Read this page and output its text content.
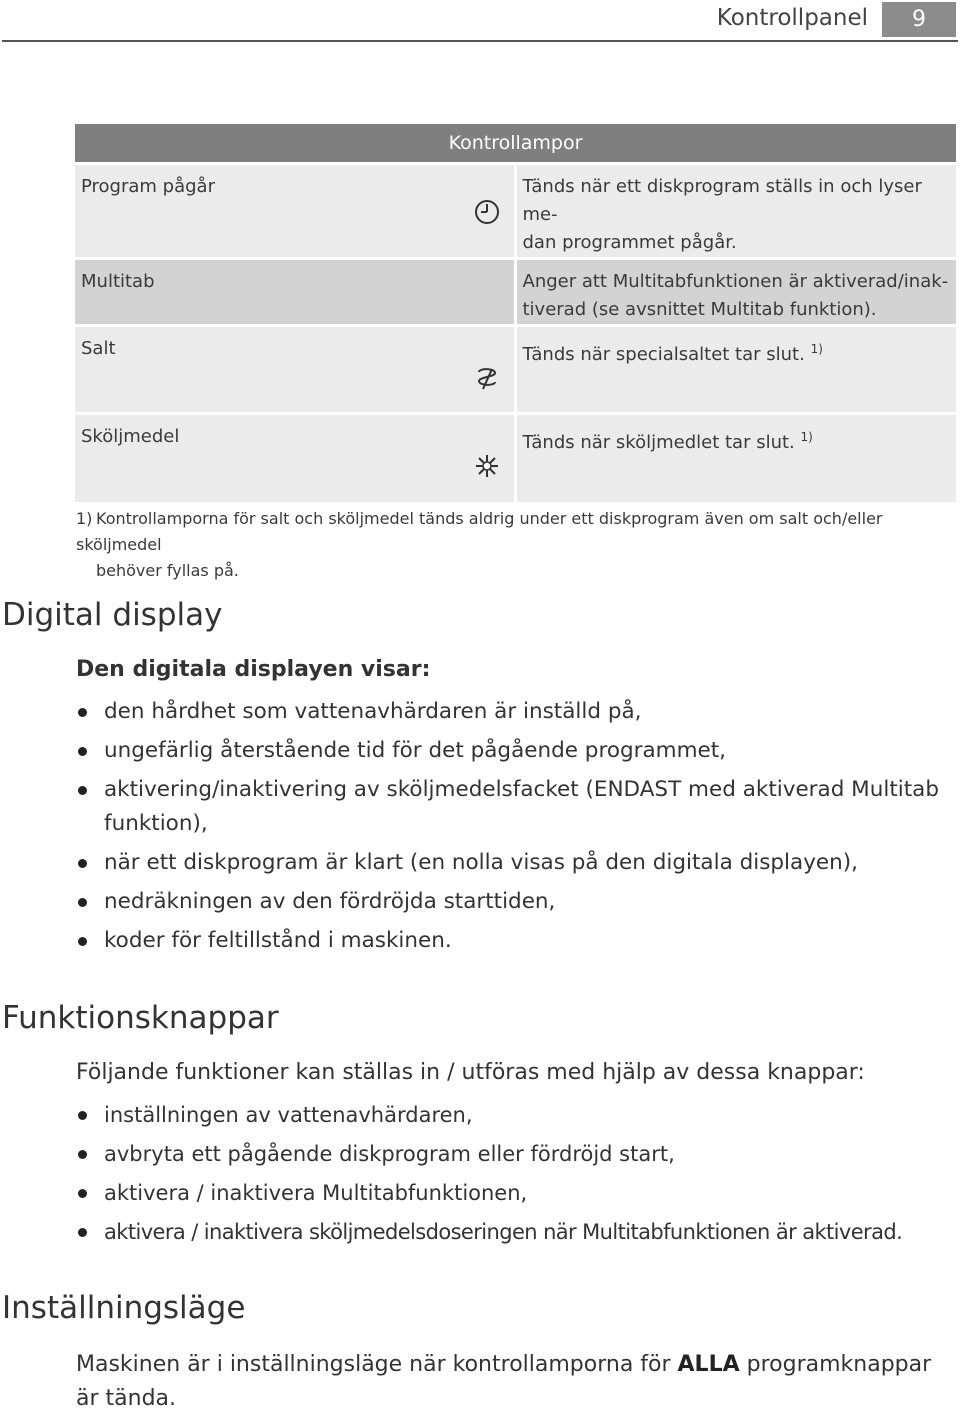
Kontrollpanel	9
Kontrollampor	
Program pågår	Tänds när ett diskprogram ställs in och lyser me-
dan programmet pågår.

Multitab	Anger att Multitabfunktionen är aktiverad/inak-
tiverad (se avsnittet Multitab funktion).

Salt	Tänds när specialsaltet tar slut. $^{1)}$
Sköljmedel	Tänds när sköljmedlet tar slut. $^{1)}$
1) Kontrollamporna för salt och sköljmedel tänds aldrig under ett diskprogram även om salt och/eller sköljmedel
behöver fyllas på.
Digital display

Den digitala displayen visar:

den hårdhet som vattenavhärdaren är inställd på,
ungefärlig återstående tid för det pågående programmet,
aktivering/inaktivering av sköljmedelsfacket (ENDAST med aktiverad Multitab funktion),
när ett diskprogram är klart (en nolla visas på den digitala displayen),
nedräkningen av den fördröjda starttiden,
koder för feltillstånd i maskinen.
Funktionsknappar

Följande funktioner kan ställas in / utföras med hjälp av dessa knappar:

inställningen av vattenavhärdaren,
avbryta ett pågående diskprogram eller fördröjd start,
aktivera / inaktivera Multitabfunktionen,
aktivera / inaktivera sköljmedelsdoseringen när Multitabfunktionen är aktiverad.
Inställningsläge

Maskinen är i inställningsläge när kontrollamporna för ALLA programknappar är tända.
